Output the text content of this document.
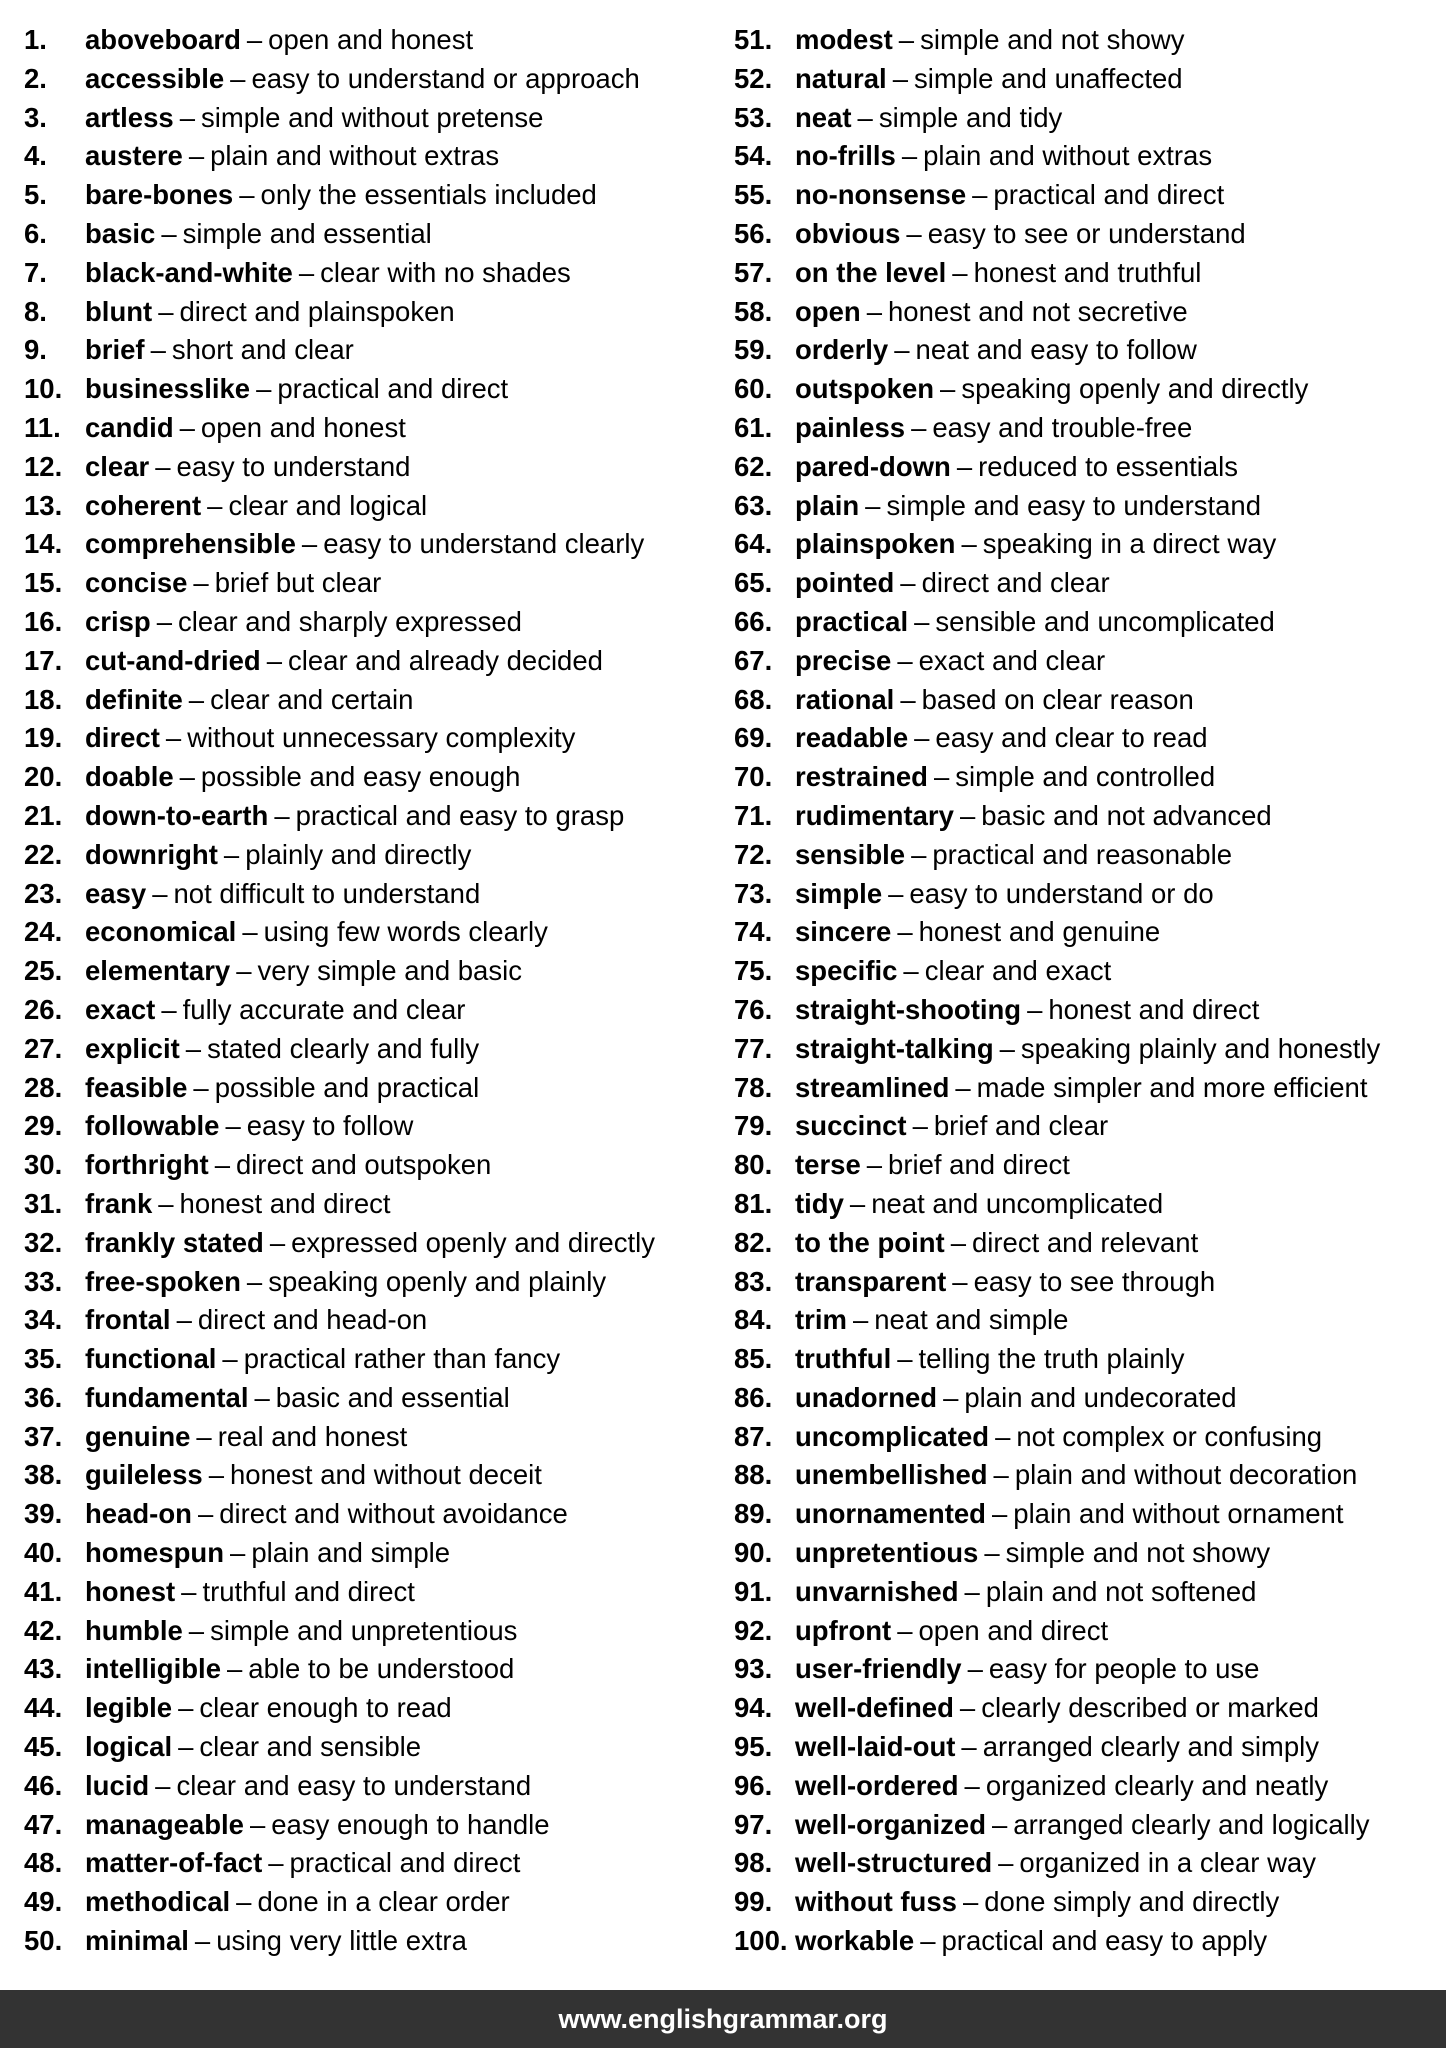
1.	aboveboard – open and honest
2.	accessible – easy to understand or approach
3.	artless – simple and without pretense
4.	austere – plain and without extras
5.	bare-bones – only the essentials included
6.	basic – simple and essential
7.	black-and-white – clear with no shades
8.	blunt – direct and plainspoken
9.	brief – short and clear
10. businesslike – practical and direct
11. candid – open and honest
12. clear – easy to understand
13. coherent – clear and logical
14. comprehensible – easy to understand clearly
15. concise – brief but clear
16. crisp – clear and sharply expressed
17. cut-and-dried – clear and already decided
18. definite – clear and certain
19. direct – without unnecessary complexity
20. doable – possible and easy enough
21. down-to-earth – practical and easy to grasp
22. downright – plainly and directly
23. easy – not difficult to understand
24. economical – using few words clearly
25. elementary – very simple and basic
26. exact – fully accurate and clear
27. explicit – stated clearly and fully
28. feasible – possible and practical
29. followable – easy to follow
30. forthright – direct and outspoken
31. frank – honest and direct
32. frankly stated – expressed openly and directly
33. free-spoken – speaking openly and plainly
34. frontal – direct and head-on
35. functional – practical rather than fancy
36. fundamental – basic and essential
37. genuine – real and honest
38. guileless – honest and without deceit
39. head-on – direct and without avoidance
40. homespun – plain and simple
41. honest – truthful and direct
42. humble – simple and unpretentious
43. intelligible – able to be understood
44. legible – clear enough to read
45. logical – clear and sensible
46. lucid – clear and easy to understand
47. manageable – easy enough to handle
48. matter-of-fact – practical and direct
49. methodical – done in a clear order
50. minimal – using very little extra
51. modest – simple and not showy
52. natural – simple and unaffected
53. neat – simple and tidy
54. no-frills – plain and without extras
55. no-nonsense – practical and direct
56. obvious – easy to see or understand
57. on the level – honest and truthful
58. open – honest and not secretive
59. orderly – neat and easy to follow
60. outspoken – speaking openly and directly
61. painless – easy and trouble-free
62. pared-down – reduced to essentials
63. plain – simple and easy to understand
64. plainspoken – speaking in a direct way
65. pointed – direct and clear
66. practical – sensible and uncomplicated
67. precise – exact and clear
68. rational – based on clear reason
69. readable – easy and clear to read
70. restrained – simple and controlled
71. rudimentary – basic and not advanced
72. sensible – practical and reasonable
73. simple – easy to understand or do
74. sincere – honest and genuine
75. specific – clear and exact
76. straight-shooting – honest and direct
77. straight-talking – speaking plainly and honestly
78. streamlined – made simpler and more efficient
79. succinct – brief and clear
80. terse – brief and direct
81. tidy – neat and uncomplicated
82. to the point – direct and relevant
83. transparent – easy to see through
84. trim – neat and simple
85. truthful – telling the truth plainly
86. unadorned – plain and undecorated
87. uncomplicated – not complex or confusing
88. unembellished – plain and without decoration
89. unornamented – plain and without ornament
90. unpretentious – simple and not showy
91. unvarnished – plain and not softened
92. upfront – open and direct
93. user-friendly – easy for people to use
94. well-defined – clearly described or marked
95. well-laid-out – arranged clearly and simply
96. well-ordered – organized clearly and neatly
97. well-organized – arranged clearly and logically
98. well-structured – organized in a clear way
99. without fuss – done simply and directly
100. workable – practical and easy to apply
www.englishgrammar.org
